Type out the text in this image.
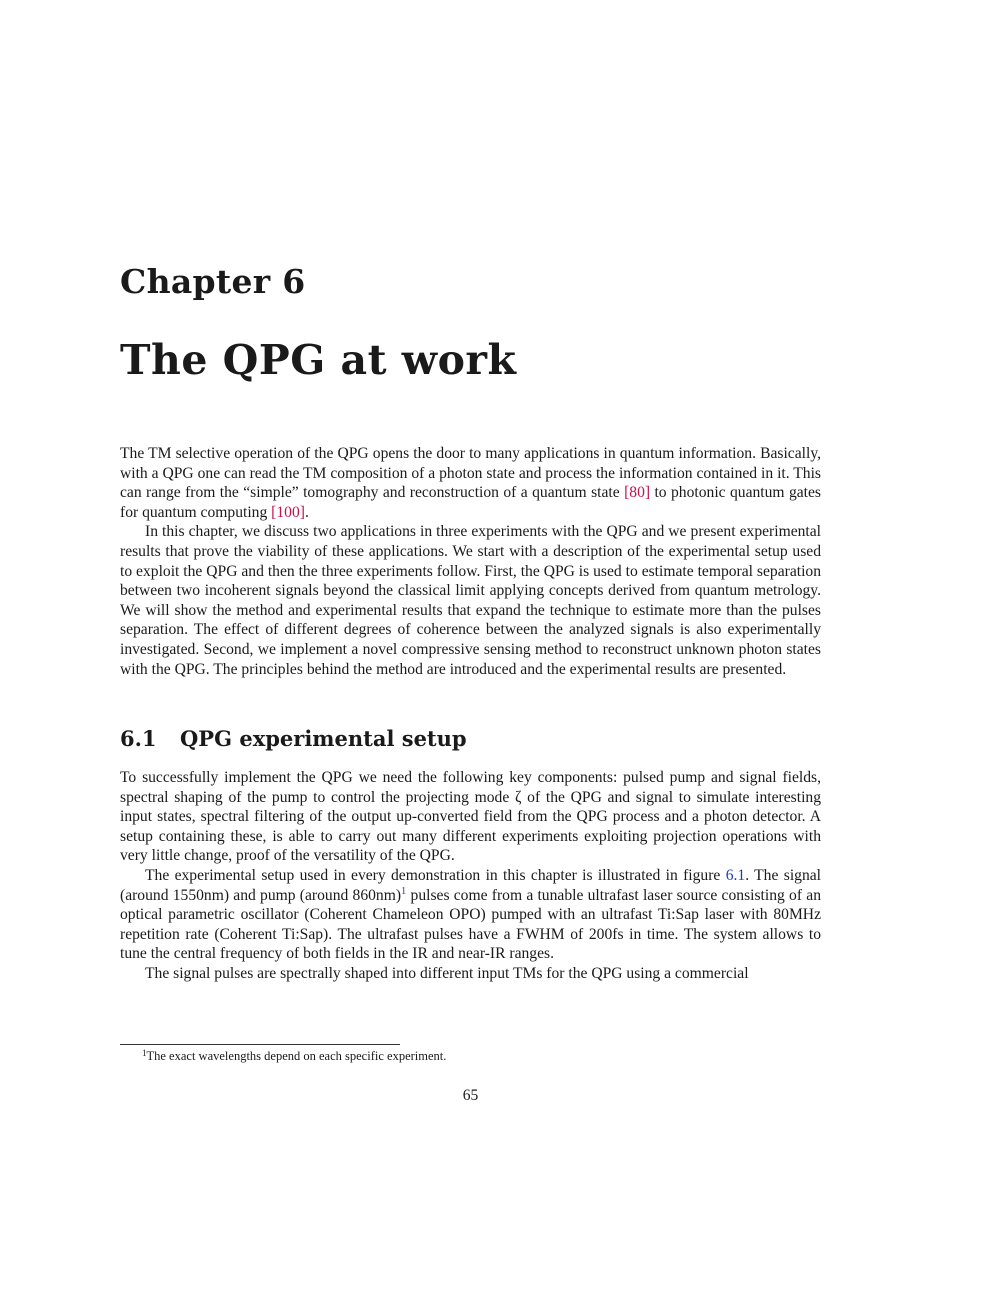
Chapter 6
The QPG at work

The TM selective operation of the QPG opens the door to many applications in quantum information. Basically, with a QPG one can read the TM composition of a photon state and process the information contained in it. This can range from the “simple” tomography and reconstruction of a quantum state [80] to photonic quantum gates for quantum computing [100].

In this chapter, we discuss two applications in three experiments with the QPG and we present experimental results that prove the viability of these applications. We start with a description of the experimental setup used to exploit the QPG and then the three experiments follow. First, the QPG is used to estimate temporal separation between two incoherent signals beyond the classical limit applying concepts derived from quantum metrology. We will show the method and experimental results that expand the technique to estimate more than the pulses separation. The effect of different degrees of coherence between the analyzed signals is also experimentally investigated. Second, we implement a novel compressive sensing method to reconstruct unknown photon states with the QPG. The principles behind the method are introduced and the experimental results are presented.

6.1 QPG experimental setup

To successfully implement the QPG we need the following key components: pulsed pump and signal fields, spectral shaping of the pump to control the projecting mode ζ of the QPG and signal to simulate interesting input states, spectral filtering of the output up-converted field from the QPG process and a photon detector. A setup containing these, is able to carry out many different experiments exploiting projection operations with very little change, proof of the versatility of the QPG.

The experimental setup used in every demonstration in this chapter is illustrated in figure 6.1. The signal (around 1550nm) and pump (around 860nm)$^1$ pulses come from a tunable ultrafast laser source consisting of an optical parametric oscillator (Coherent Chameleon OPO) pumped with an ultrafast Ti:Sap laser with 80MHz repetition rate (Coherent Ti:Sap). The ultrafast pulses have a FWHM of 200fs in time. The system allows to tune the central frequency of both fields in the IR and near-IR ranges.

The signal pulses are spectrally shaped into different input TMs for the QPG using a commercial

$^1$The exact wavelengths depend on each specific experiment.
65
